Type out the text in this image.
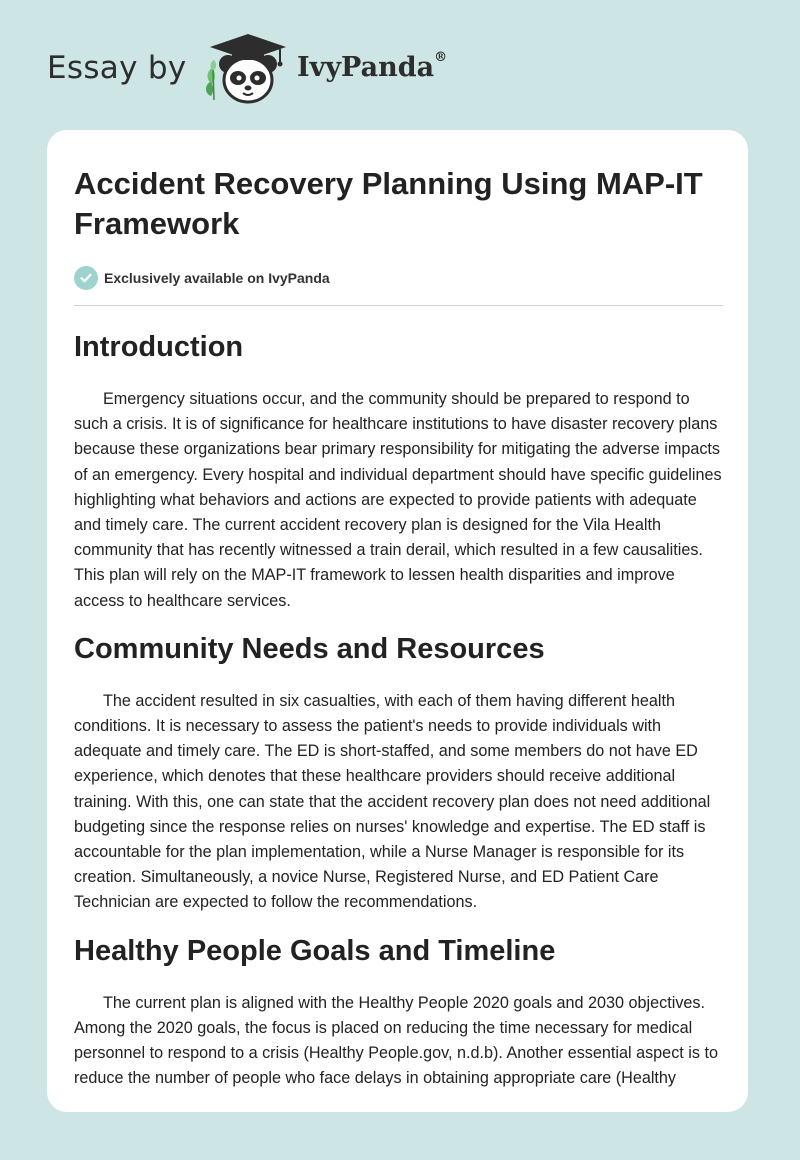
Essay by	IvyPanda®
Accident Recovery Planning Using MAP-IT Framework
Exclusively available on IvyPanda
Introduction

Emergency situations occur, and the community should be prepared to respond to such a crisis. It is of significance for healthcare institutions to have disaster recovery plans because these organizations bear primary responsibility for mitigating the adverse impacts of an emergency. Every hospital and individual department should have specific guidelines highlighting what behaviors and actions are expected to provide patients with adequate and timely care. The current accident recovery plan is designed for the Vila Health community that has recently witnessed a train derail, which resulted in a few causalities. This plan will rely on the MAP-IT framework to lessen health disparities and improve access to healthcare services.

Community Needs and Resources

The accident resulted in six casualties, with each of them having different health conditions. It is necessary to assess the patient's needs to provide individuals with adequate and timely care. The ED is short-staffed, and some members do not have ED experience, which denotes that these healthcare providers should receive additional training. With this, one can state that the accident recovery plan does not need additional budgeting since the response relies on nurses' knowledge and expertise. The ED staff is accountable for the plan implementation, while a Nurse Manager is responsible for its creation. Simultaneously, a novice Nurse, Registered Nurse, and ED Patient Care Technician are expected to follow the recommendations.

Healthy People Goals and Timeline

The current plan is aligned with the Healthy People 2020 goals and 2030 objectives. Among the 2020 goals, the focus is placed on reducing the time necessary for medical personnel to respond to a crisis (Healthy People.gov, n.d.b). Another essential aspect is to reduce the number of people who face delays in obtaining appropriate care (Healthy
